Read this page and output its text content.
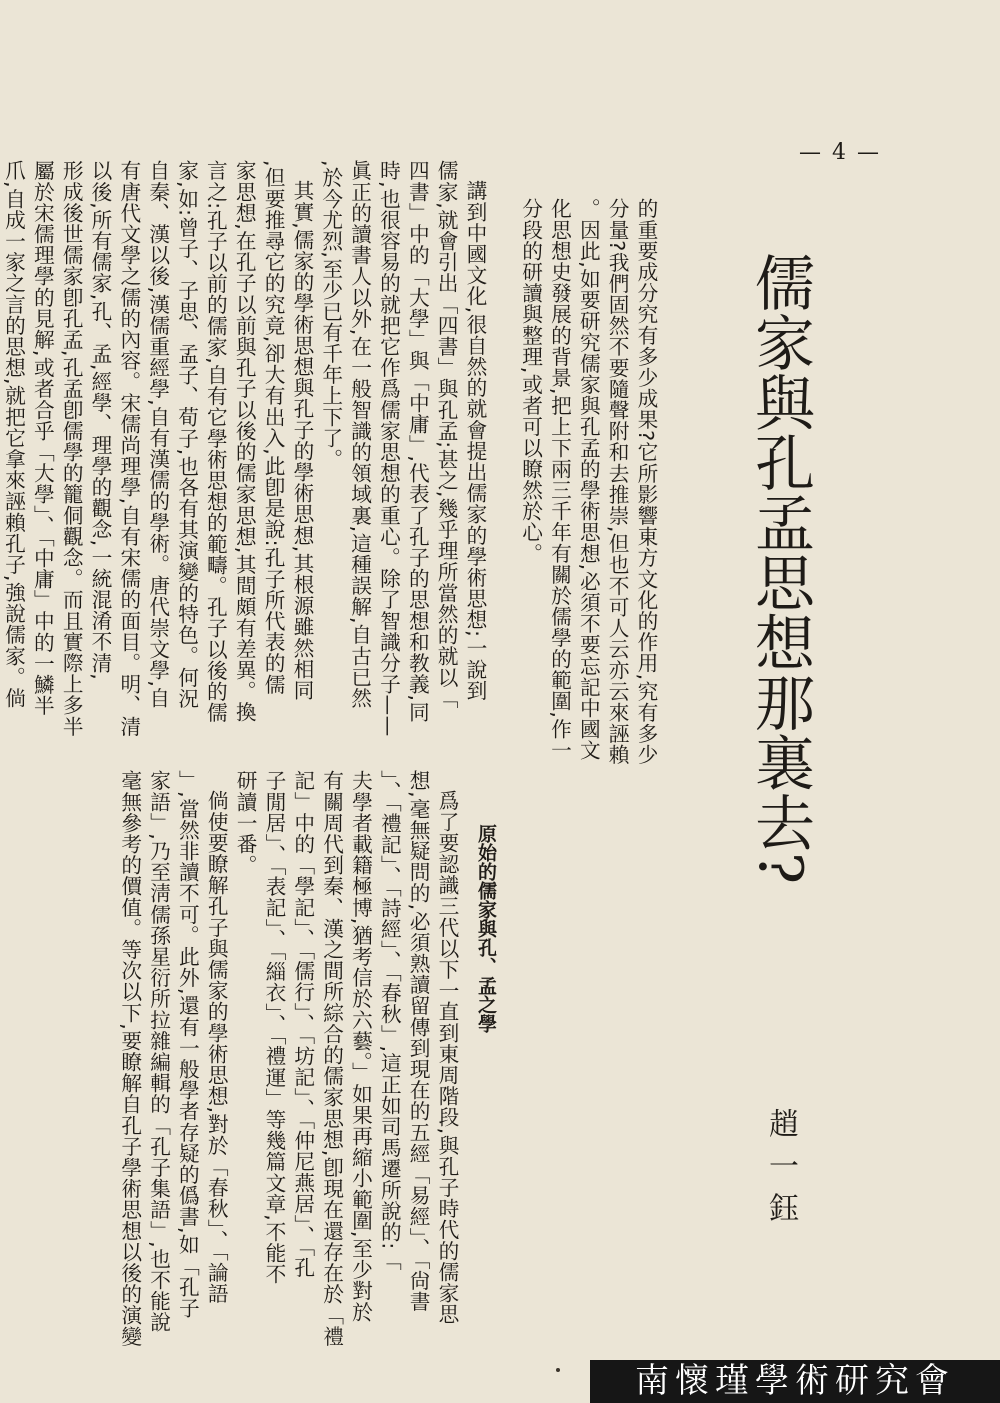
— 4 —
儒家與孔孟思想那裏去?
趙一鈺

的重要成分究有多少成果?它所影響東方文化的作用,究有多少

分量?我們固然不要隨聲附和去推崇,但也不可人云亦云來誣賴

。因此,如要研究儒家與孔孟的學術思想,必須不要忘記中國文

化思想史發展的背景,把上下兩三千年有關於儒學的範圍,作一

分段的研讀與整理,或者可以瞭然於心。

講到中國文化,很自然的就會提出儒家的學術思想;一說到

儒家,就會引出「四書」與孔孟;甚之,幾乎理所當然的就以「

四書」中的「大學」與「中庸」,代表了孔子的思想和教義,同

時,也很容易的就把它作爲儒家思想的重心。除了智識分子——

眞正的讀書人以外,在一般智識的領域裏,這種誤解,自古已然

,於今尤烈,至少已有千年上下了。

其實,儒家的學術思想與孔子的學術思想,其根源雖然相同

,但要推尋它的究竟,卻大有出入,此卽是說:孔子所代表的儒

家思想,在孔子以前與孔子以後的儒家思想,其間頗有差異。換

言之:孔子以前的儒家,自有它學術思想的範疇。孔子以後的儒

家,如:曾子、子思、孟子、荀子,也各有其演變的特色。何況

自秦、漢以後,漢儒重經學,自有漢儒的學術。唐代崇文學,自

有唐代文學之儒的內容。宋儒尚理學,自有宋儒的面目。明、清

以後,所有儒家,孔、孟,經學、理學的觀念,一統混淆不清,

形成後世儒家卽孔孟,孔孟卽儒學的籠侗觀念。而且實際上多半

屬於宋儒理學的見解,或者合乎「大學」、「中庸」中的一鱗半

爪,自成一家之言的思想,就把它拿來誣賴孔子,強說儒家。倘

原始的儒家與孔、孟之學

爲了要認識三代以下一直到東周階段,與孔子時代的儒家思

想,毫無疑問的,必須熟讀留傳到現在的五經「易經」、「尙書

」、「禮記」、「詩經」、「春秋」,這正如司馬遷所說的:「

夫學者載籍極博,猶考信於六藝。」如果再縮小範圍,至少對於

有關周代到秦、漢之間所綜合的儒家思想,卽現在還存在於「禮

記」中的「學記」、「儒行」、「坊記」、「仲尼燕居」、「孔

子閒居」、「表記」、「緇衣」、「禮運」等幾篇文章,不能不

研讀一番。

倘使要瞭解孔子與儒家的學術思想,對於「春秋」、「論語

」,當然非讀不可。此外,還有一般學者存疑的僞書,如「孔子

家語」,乃至淸儒孫星衍所拉雜編輯的「孔子集語」,也不能說

毫無參考的價值。等次以下,要瞭解自孔子學術思想以後的演變

南懷瑾學術研究會
